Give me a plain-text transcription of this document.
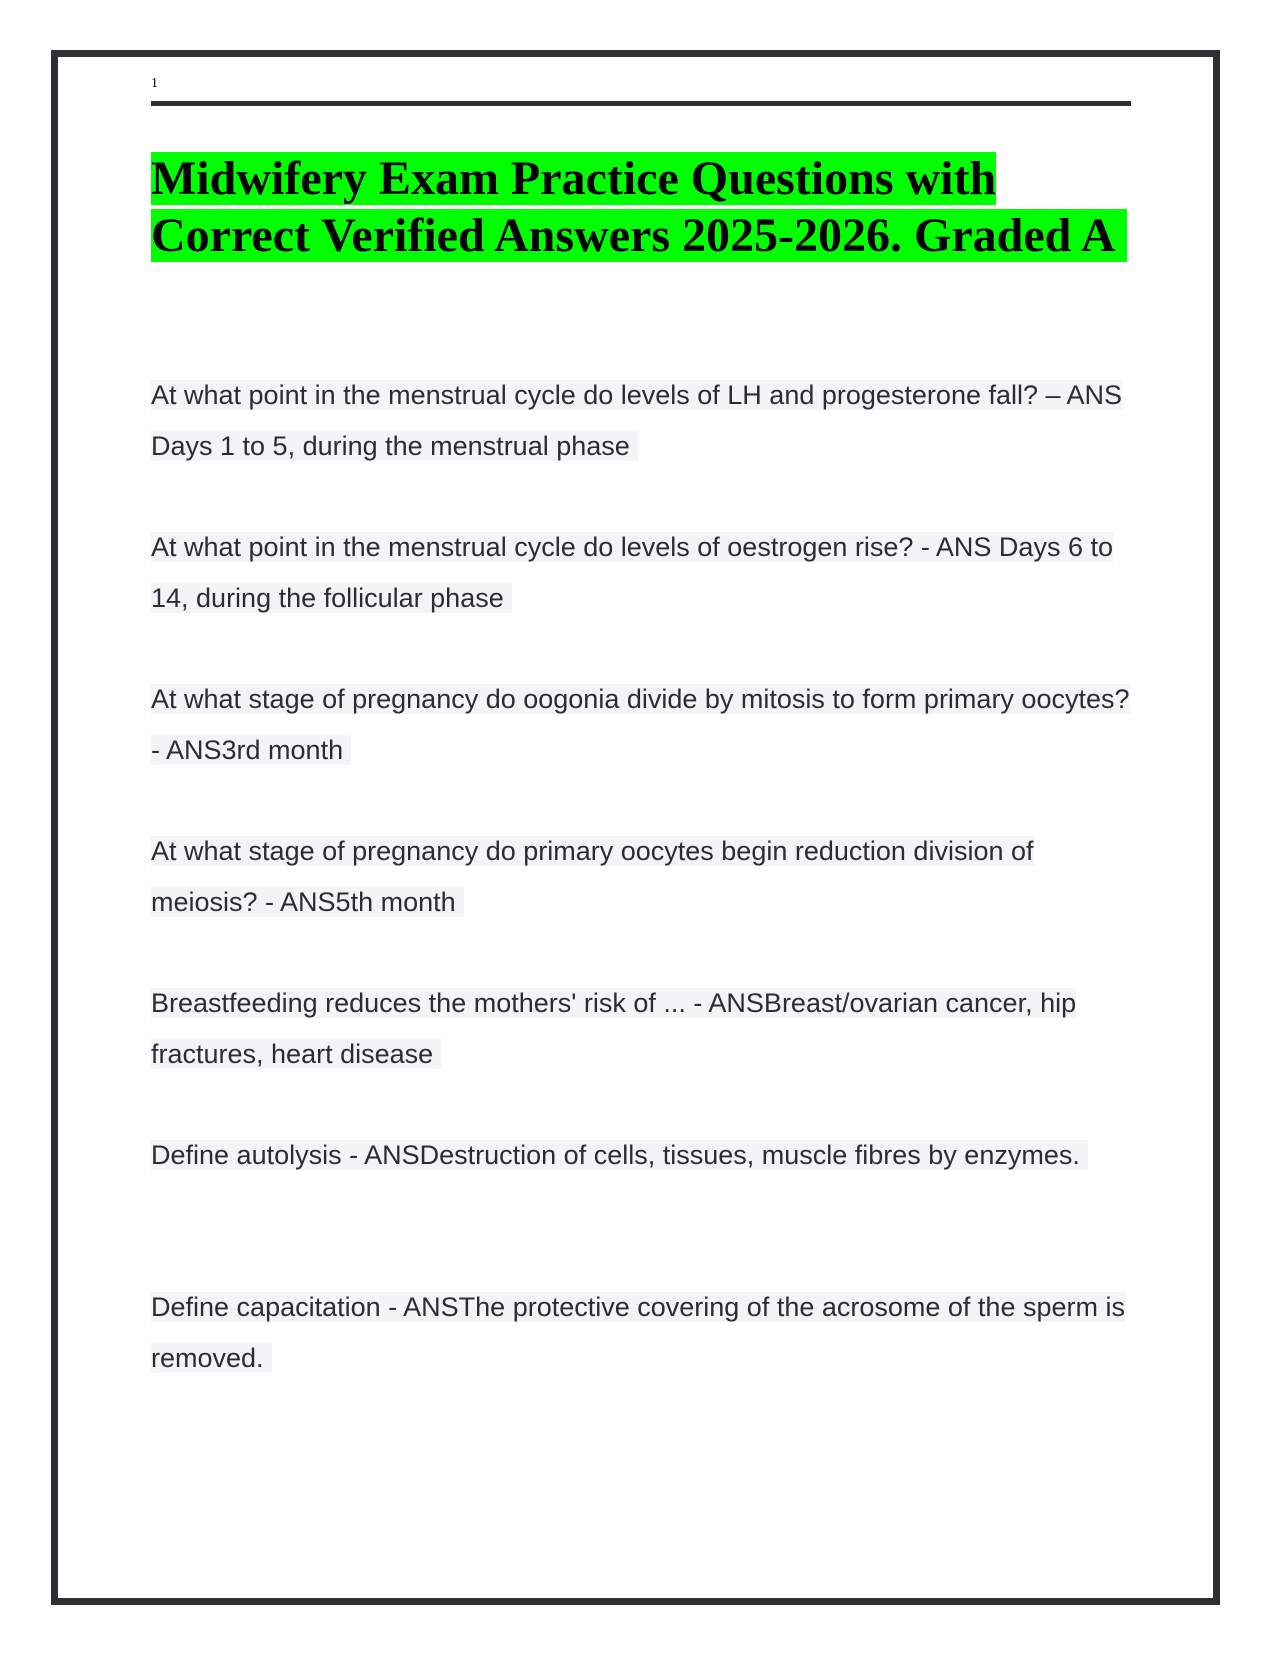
1
Midwifery Exam Practice Questions with Correct Verified Answers 2025-2026. Graded A

At what point in the menstrual cycle do levels of LH and progesterone fall? – ANS Days 1 to 5, during the menstrual phase

At what point in the menstrual cycle do levels of oestrogen rise? - ANS Days 6 to 14, during the follicular phase

At what stage of pregnancy do oogonia divide by mitosis to form primary oocytes? - ANS3rd month

At what stage of pregnancy do primary oocytes begin reduction division of meiosis? - ANS5th month

Breastfeeding reduces the mothers' risk of ... - ANSBreast/ovarian cancer, hip fractures, heart disease

Define autolysis - ANSDestruction of cells, tissues, muscle fibres by enzymes.

Define capacitation - ANSThe protective covering of the acrosome of the sperm is removed.
